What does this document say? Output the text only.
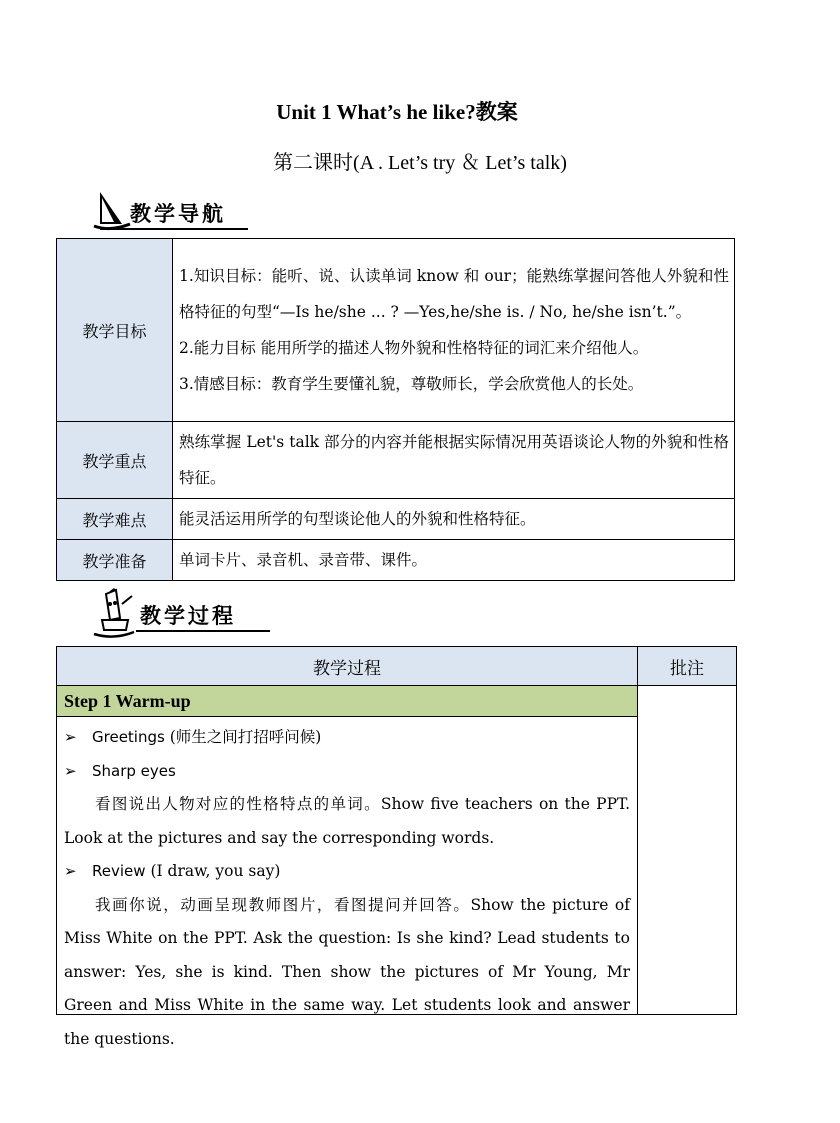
Unit 1 What’s he like?教案
第二课时(A . Let’s try ＆ Let’s talk)
教学导航
教学目标	1.知识目标：能听、说、认读单词 know 和 our；能熟练掌握问答他人外貌和性格特征的句型“—Is he/she ... ? —Yes,he/she is. / No, he/she isn’t.”。

2.能力目标 能用所学的描述人物外貌和性格特征的词汇来介绍他人。

3.情感目标：教育学生要懂礼貌，尊敬师长，学会欣赏他人的长处。

教学重点	熟练掌握 Let's talk 部分的内容并能根据实际情况用英语谈论人物的外貌和性格特征。

教学难点	能灵活运用所学的句型谈论他人的外貌和性格特征。

教学准备	单词卡片、录音机、录音带、课件。

教学过程
教学过程	批注
Step 1 Warm-up	

➢ Greetings (师生之间打招呼问候)
➢ Sharp eyes

看图说出人物对应的性格特点的单词。Show five teachers on the PPT. Look at the pictures and say the corresponding words.

➢ Review (I draw, you say)

我画你说，动画呈现教师图片，看图提问并回答。Show the picture of Miss White on the PPT. Ask the question: Is she kind? Lead students to answer: Yes, she is kind. Then show the pictures of Mr Young, Mr Green and Miss White in the same way. Let students look and answer the questions.	
